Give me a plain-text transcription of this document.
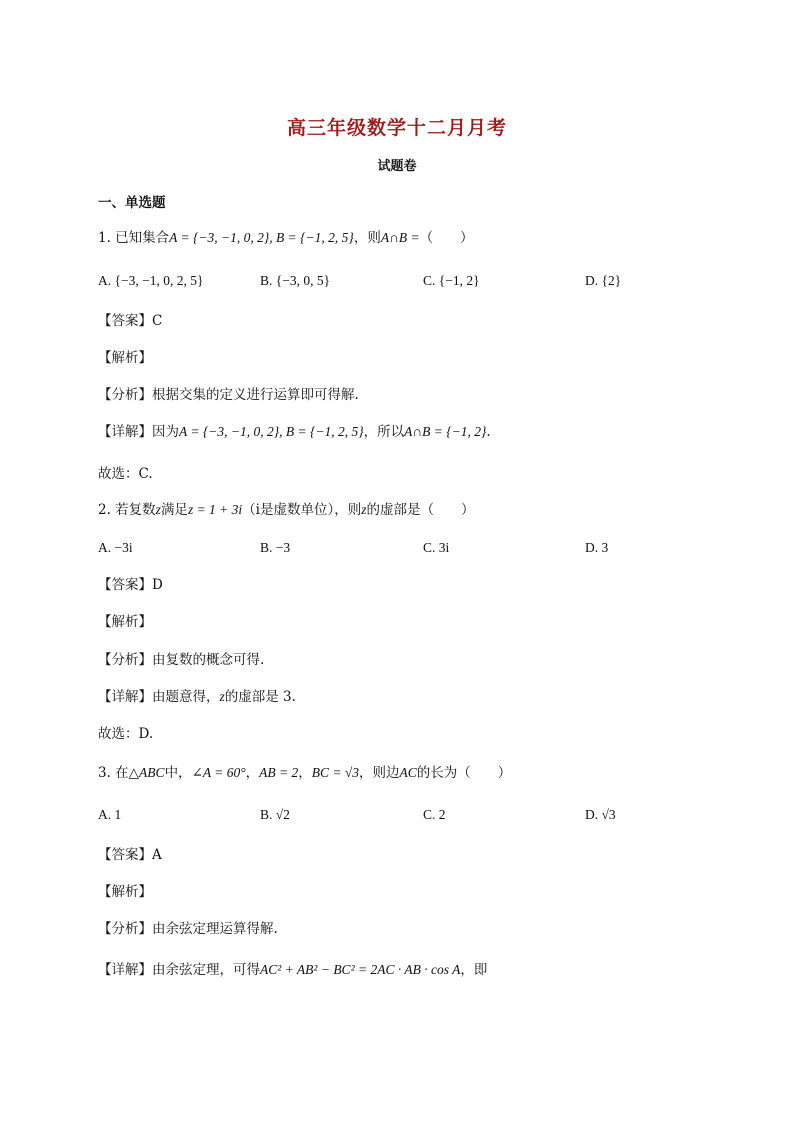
高三年级数学十二月月考
试题卷
一、单选题
1. 已知集合A = {−3, −1, 0, 2}, B = {−1, 2, 5}，则A∩B =（　　）
A. {−3, −1, 0, 2, 5}	B. {−3, 0, 5}	C. {−1, 2}	D. {2}
【答案】C
【解析】
【分析】根据交集的定义进行运算即可得解.
【详解】因为A = {−3, −1, 0, 2}, B = {−1, 2, 5}，所以A∩B = {−1, 2}.
故选：C.
2. 若复数z满足z = 1 + 3i（i是虚数单位），则z的虚部是（　　）
A. −3i	B. −3	C. 3i	D. 3
【答案】D
【解析】
【分析】由复数的概念可得.
【详解】由题意得，z的虚部是 3.
故选：D.
3. 在△ABC中，∠A = 60°，AB = 2，BC = √3，则边AC的长为（　　）
A. 1	B. √2	C. 2	D. √3
【答案】A
【解析】
【分析】由余弦定理运算得解.
【详解】由余弦定理，可得AC² + AB² − BC² = 2AC · AB · cos A，即
